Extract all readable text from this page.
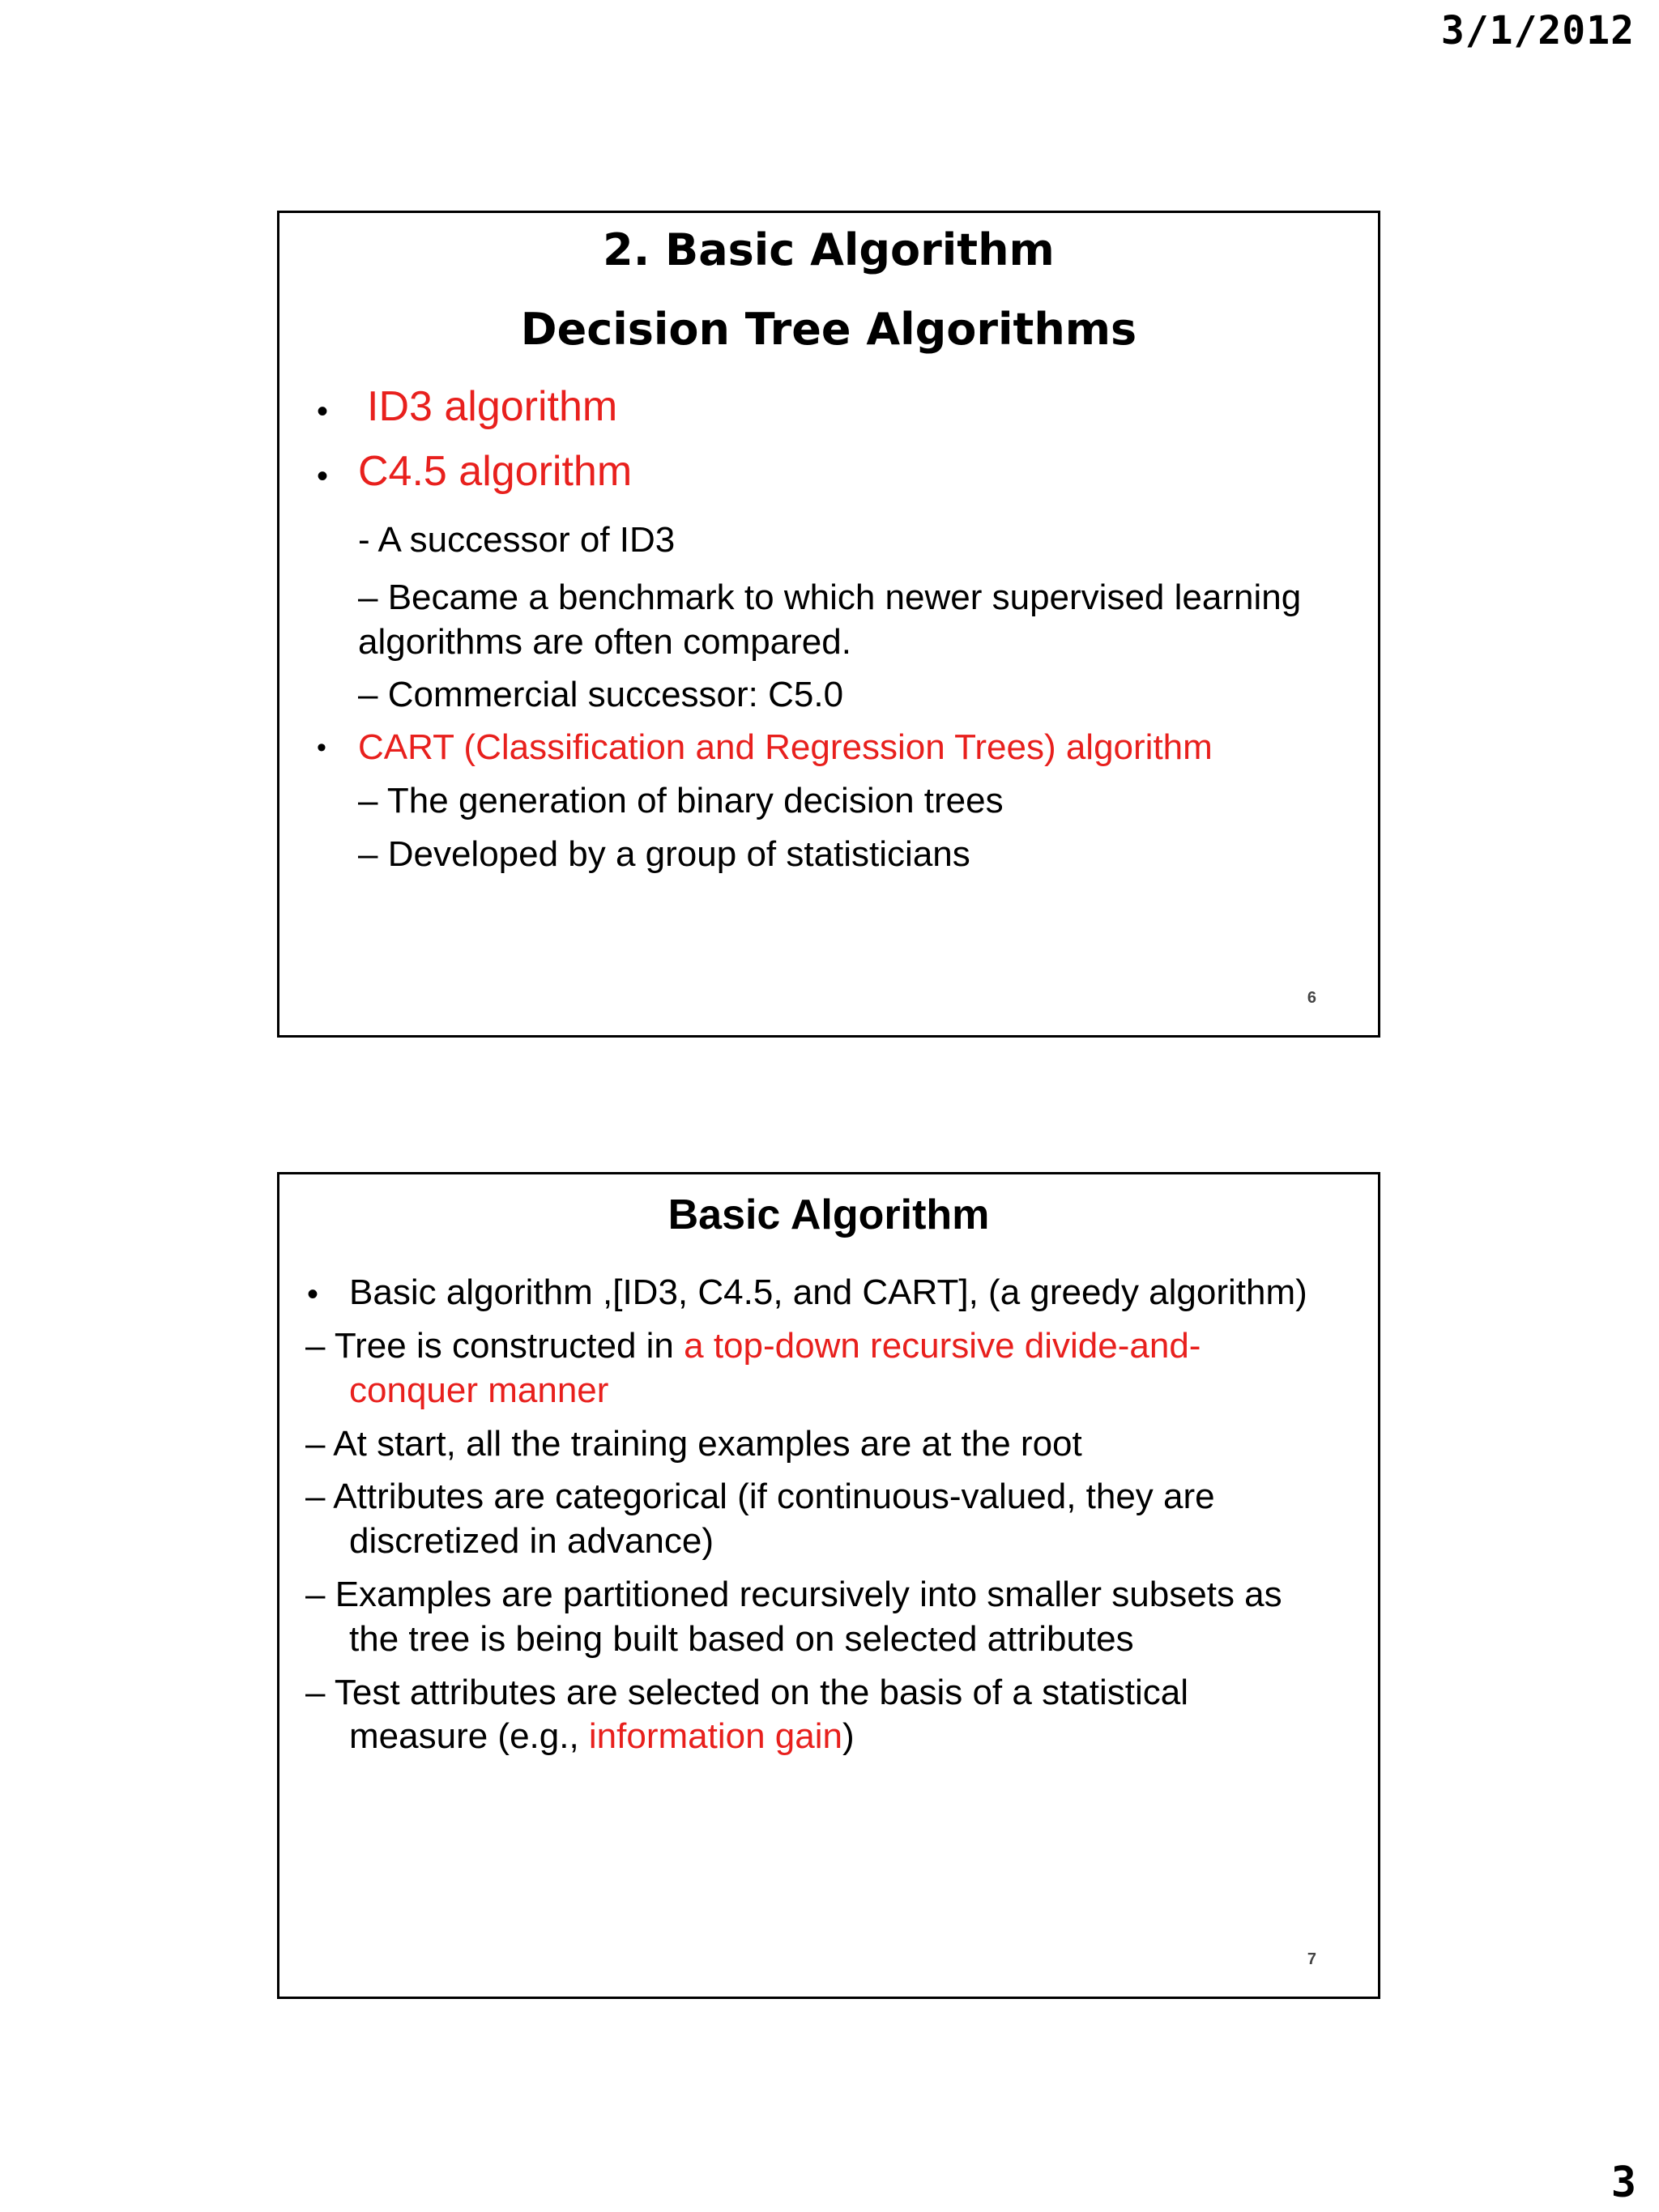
3/1/2012
2. Basic Algorithm
Decision Tree Algorithms
• ID3 algorithm
• C4.5 algorithm
- A successor of ID3
– Became a benchmark to which newer supervised learning
algorithms are often compared.
– Commercial successor: C5.0
• CART (Classification and Regression Trees) algorithm
– The generation of binary decision trees
– Developed by a group of statisticians
6
Basic Algorithm
• Basic algorithm ,[ID3, C4.5, and CART], (a greedy algorithm)
– Tree is constructed in a top-down recursive divide-and-
conquer manner
– At start, all the training examples are at the root
– Attributes are categorical (if continuous-valued, they are
discretized in advance)
– Examples are partitioned recursively into smaller subsets as
the tree is being built based on selected attributes
– Test attributes are selected on the basis of a statistical
measure (e.g., information gain)
7
3
